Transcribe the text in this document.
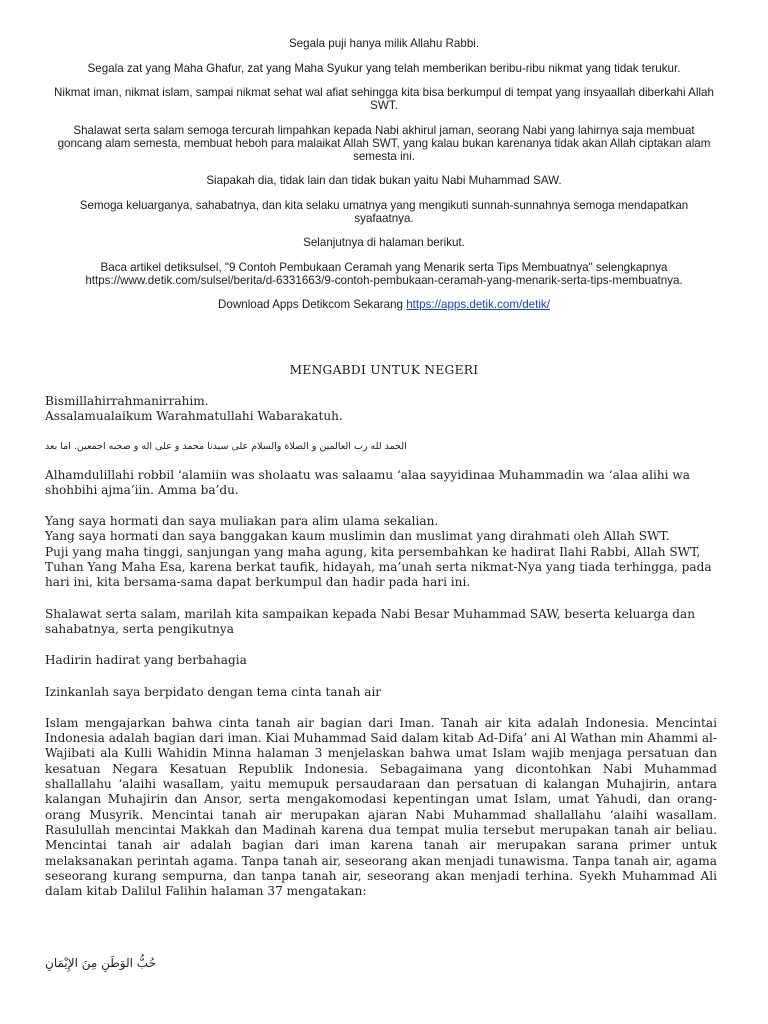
Segala puji hanya milik Allahu Rabbi.

Segala zat yang Maha Ghafur, zat yang Maha Syukur yang telah memberikan beribu-ribu nikmat yang tidak terukur.

Nikmat iman, nikmat islam, sampai nikmat sehat wal afiat sehingga kita bisa berkumpul di tempat yang insyaallah diberkahi Allah SWT.

Shalawat serta salam semoga tercurah limpahkan kepada Nabi akhirul jaman, seorang Nabi yang lahirnya saja membuat goncang alam semesta, membuat heboh para malaikat Allah SWT, yang kalau bukan karenanya tidak akan Allah ciptakan alam semesta ini.

Siapakah dia, tidak lain dan tidak bukan yaitu Nabi Muhammad SAW.

Semoga keluarganya, sahabatnya, dan kita selaku umatnya yang mengikuti sunnah-sunnahnya semoga mendapatkan syafaatnya.

Selanjutnya di halaman berikut.

Baca artikel detiksulsel, "9 Contoh Pembukaan Ceramah yang Menarik serta Tips Membuatnya" selengkapnya https://www.detik.com/sulsel/berita/d-6331663/9-contoh-pembukaan-ceramah-yang-menarik-serta-tips-membuatnya.

Download Apps Detikcom Sekarang https://apps.detik.com/detik/

MENGABDI UNTUK NEGERI

Bismillahirrahmanirrahim.

Assalamualaikum Warahmatullahi Wabarakatuh.

الحمد لله رب العالمين و الصلاة والسلام على سيدنا محمد و على اله و صحبه اجمعين. اما بعد

Alhamdulillahi robbil ‘alamiin was sholaatu was salaamu ‘alaa sayyidinaa Muhammadin wa ‘alaa alihi wa shohbihi ajma’iin. Amma ba’du.

Yang saya hormati dan saya muliakan para alim ulama sekalian.

Yang saya hormati dan saya banggakan kaum muslimin dan muslimat yang dirahmati oleh Allah SWT.

Puji yang maha tinggi, sanjungan yang maha agung, kita persembahkan ke hadirat Ilahi Rabbi, Allah SWT, Tuhan Yang Maha Esa, karena berkat taufik, hidayah, ma’unah serta nikmat-Nya yang tiada terhingga, pada hari ini, kita bersama-sama dapat berkumpul dan hadir pada hari ini.

Shalawat serta salam, marilah kita sampaikan kepada Nabi Besar Muhammad SAW, beserta keluarga dan sahabatnya, serta pengikutnya

Hadirin hadirat yang berbahagia

Izinkanlah saya berpidato dengan tema cinta tanah air

Islam mengajarkan bahwa cinta tanah air bagian dari Iman. Tanah air kita adalah Indonesia. Mencintai Indonesia adalah bagian dari iman. Kiai Muhammad Said dalam kitab Ad-Difa’ ani Al Wathan min Ahammi al-Wajibati ala Kulli Wahidin Minna halaman 3 menjelaskan bahwa umat Islam wajib menjaga persatuan dan kesatuan Negara Kesatuan Republik Indonesia. Sebagaimana yang dicontohkan Nabi Muhammad shallallahu ‘alaihi wasallam, yaitu memupuk persaudaraan dan persatuan di kalangan Muhajirin, antara kalangan Muhajirin dan Ansor, serta mengakomodasi kepentingan umat Islam, umat Yahudi, dan orang-orang Musyrik. Mencintai tanah air merupakan ajaran Nabi Muhammad shallallahu ‘alaihi wasallam. Rasulullah mencintai Makkah dan Madinah karena dua tempat mulia tersebut merupakan tanah air beliau. Mencintai tanah air adalah bagian dari iman karena tanah air merupakan sarana primer untuk melaksanakan perintah agama. Tanpa tanah air, seseorang akan menjadi tunawisma. Tanpa tanah air, agama seseorang kurang sempurna, dan tanpa tanah air, seseorang akan menjadi terhina. Syekh Muhammad Ali dalam kitab Dalilul Falihin halaman 37 mengatakan:

حُبُّ الوَطَنِ مِنَ الإِيْمَانِ
